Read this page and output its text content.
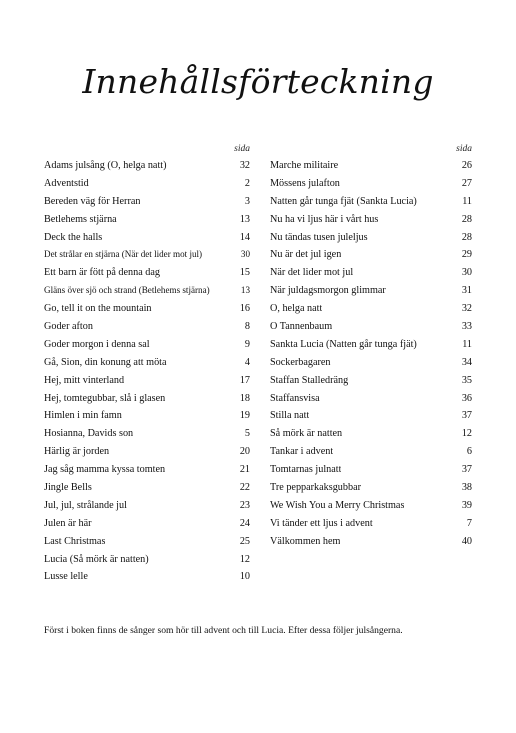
Innehållsförteckning
sida
Adams julsång (O, helga natt)	32
Adventstid	2
Bereden väg för Herran	3
Betlehems stjärna	13
Deck the halls	14
Det strålar en stjärna (När det lider mot jul)	30
Ett barn är fött på denna dag	15
Gläns över sjö och strand (Betlehems stjärna)	13
Go, tell it on the mountain	16
Goder afton	8
Goder morgon i denna sal	9
Gå, Sion, din konung att möta	4
Hej, mitt vinterland	17
Hej, tomtegubbar, slå i glasen	18
Himlen i min famn	19
Hosianna, Davids son	5
Härlig är jorden	20
Jag såg mamma kyssa tomten	21
Jingle Bells	22
Jul, jul, strålande jul	23
Julen är här	24
Last Christmas	25
Lucia (Så mörk är natten)	12
Lusse lelle	10
sida
Marche militaire	26
Mössens julafton	27
Natten går tunga fjät (Sankta Lucia)	11
Nu ha vi ljus här i vårt hus	28
Nu tändas tusen juleljus	28
Nu är det jul igen	29
När det lider mot jul	30
När juldagsmorgon glimmar	31
O, helga natt	32
O Tannenbaum	33
Sankta Lucia (Natten går tunga fjät)	11
Sockerbagaren	34
Staffan Stalledräng	35
Staffansvisa	36
Stilla natt	37
Så mörk är natten	12
Tankar i advent	6
Tomtarnas julnatt	37
Tre pepparkaksgubbar	38
We Wish You a Merry Christmas	39
Vi tänder ett ljus i advent	7
Välkommen hem	40
Först i boken finns de sånger som hör till advent och till Lucia. Efter dessa följer julsångerna.
